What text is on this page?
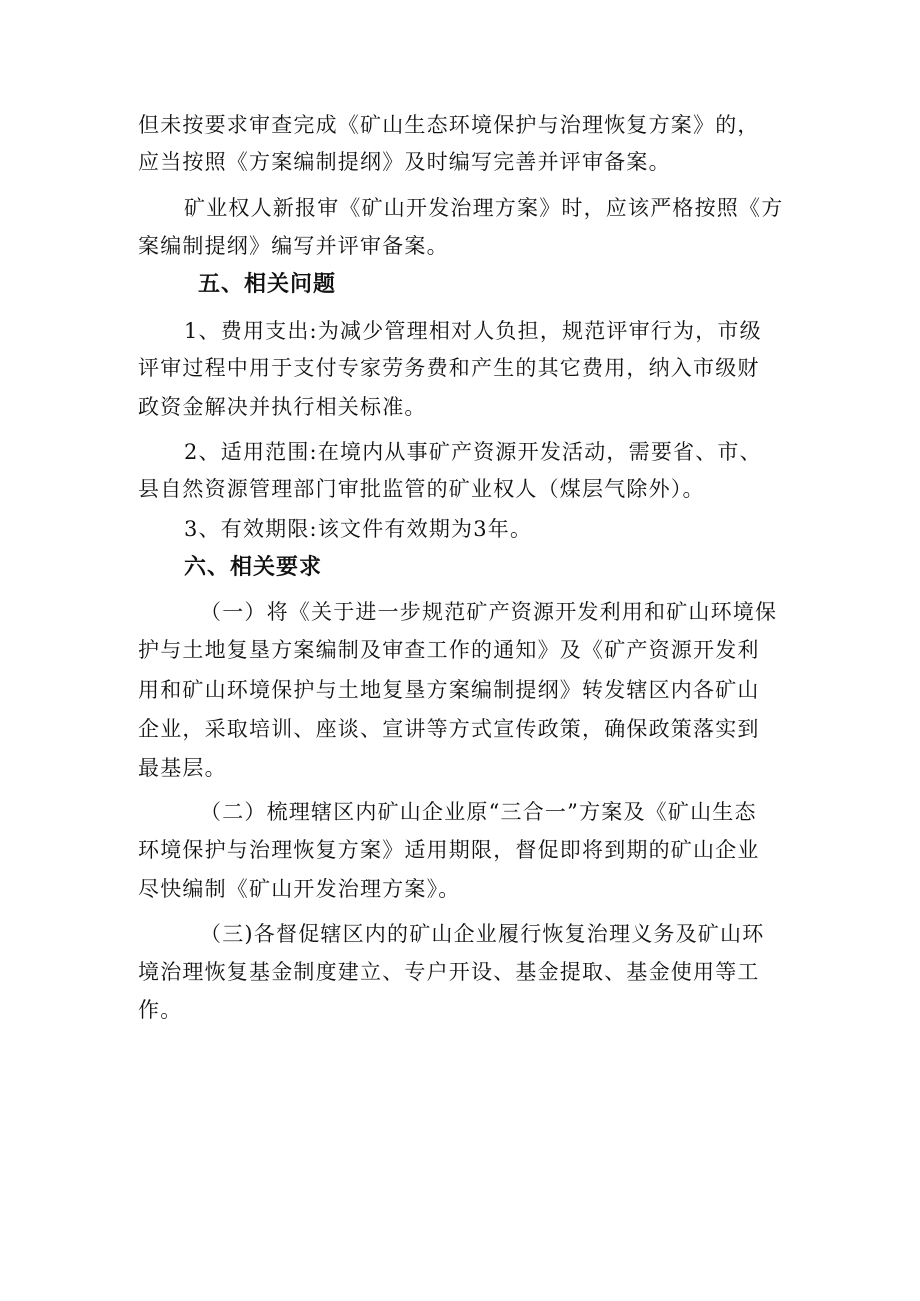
但未按要求审查完成《矿山生态环境保护与治理恢复方案》的，
应当按照《方案编制提纲》及时编写完善并评审备案。
矿业权人新报审《矿山开发治理方案》时，应该严格按照《方
案编制提纲》编写并评审备案。
五、相关问题
1、费用支出:为减少管理相对人负担，规范评审行为，市级
评审过程中用于支付专家劳务费和产生的其它费用，纳入市级财
政资金解决并执行相关标准。
2、适用范围:在境内从事矿产资源开发活动，需要省、市、
县自然资源管理部门审批监管的矿业权人（煤层气除外）。
3、有效期限:该文件有效期为3年。
六、相关要求
（一）将《关于进一步规范矿产资源开发利用和矿山环境保
护与土地复垦方案编制及审查工作的通知》及《矿产资源开发利
用和矿山环境保护与土地复垦方案编制提纲》转发辖区内各矿山
企业，采取培训、座谈、宣讲等方式宣传政策，确保政策落实到
最基层。
（二）梳理辖区内矿山企业原“三合一”方案及《矿山生态
环境保护与治理恢复方案》适用期限，督促即将到期的矿山企业
尽快编制《矿山开发治理方案》。
（三)各督促辖区内的矿山企业履行恢复治理义务及矿山环
境治理恢复基金制度建立、专户开设、基金提取、基金使用等工
作。
